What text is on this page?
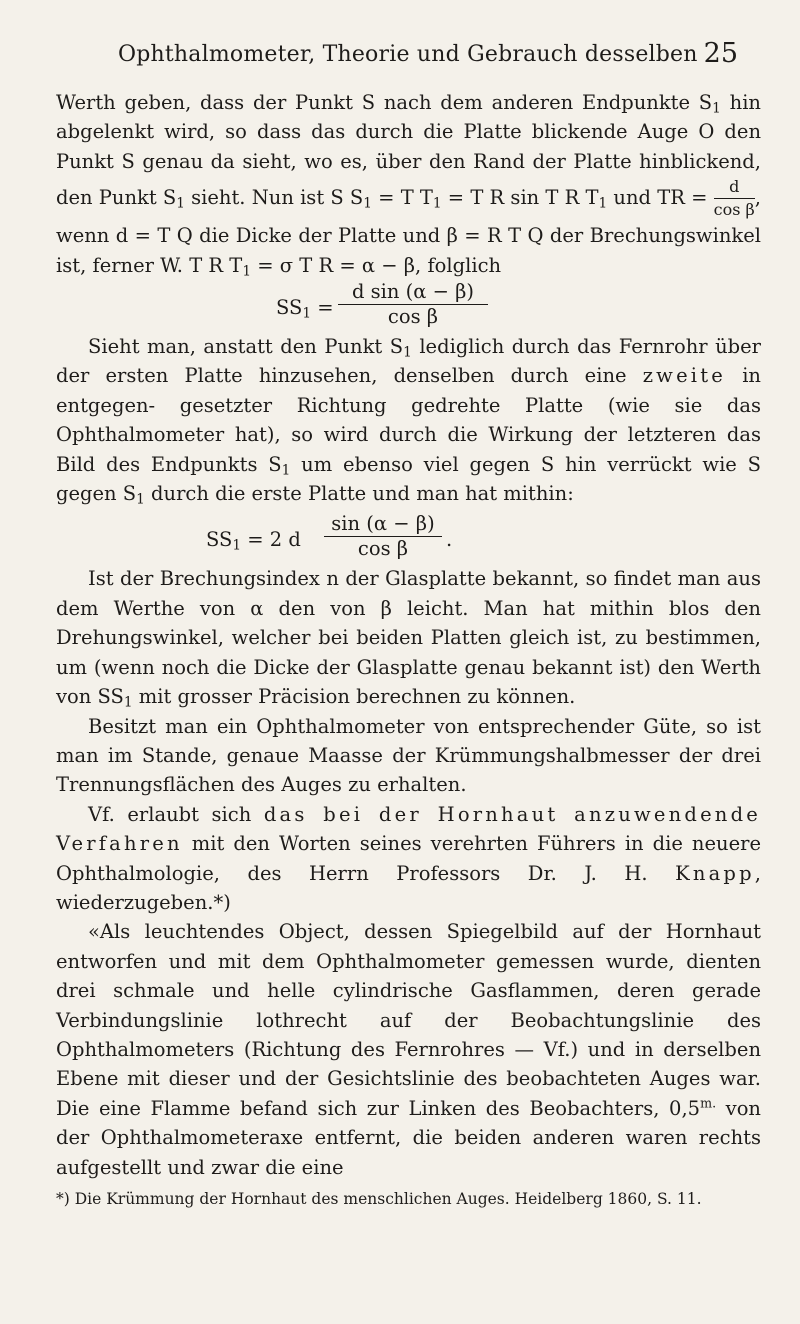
Ophthalmometer, Theorie und Gebrauch desselben 25

Werth geben, dass der Punkt S nach dem anderen Endpunkte $S_1$ hin abgelenkt wird, so dass das durch die Platte blickende Auge O den Punkt S genau da sieht, wo es, über den Rand der Platte hinblickend, den Punkt $S_1$ sieht. Nun ist S $S_1 = T$ $T_1 = T$ R sin T R $T_1$ und TR = $\frac{d}{\text{cos β}}$ , wenn d = T Q die Dicke der Platte und β = R T Q der Brechungswinkel ist, ferner W. T R $T_1 = \sigma$ T R = α − β, folglich

$SS_1 = \frac{\text{d sin (α − β)}}{\text{cos β}}$

Sieht man, anstatt den Punkt $S_1$ lediglich durch das Fernrohr über der ersten Platte hinzusehen, denselben durch eine zweite in entgegen- gesetzter Richtung gedrehte Platte (wie sie das Ophthalmometer hat), so wird durch die Wirkung der letzteren das Bild des Endpunkts $S_1$ um ebenso viel gegen S hin verrückt wie S gegen $S_1$ durch die erste Platte und man hat mithin:

$SS_1 = 2$ d $\frac{\sin (\alpha - \beta)}{\text{cos β}}$ .

Ist der Brechungsindex n der Glasplatte bekannt, so findet man aus dem Werthe von α den von β leicht. Man hat mithin blos den Drehungswinkel, welcher bei beiden Platten gleich ist, zu bestimmen, um (wenn noch die Dicke der Glasplatte genau bekannt ist) den Werth von $SS_1$ mit grosser Präcision berechnen zu können.

Besitzt man ein Ophthalmometer von entsprechender Güte, so ist man im Stande, genaue Maasse der Krümmungshalbmesser der drei Trennungsflächen des Auges zu erhalten.

Vf. erlaubt sich das bei der Hornhaut anzuwendende Verfahren mit den Worten seines verehrten Führers in die neuere Ophthalmologie, des Herrn Professors Dr. J. H. Knapp, wiederzugeben.*)

«Als leuchtendes Object, dessen Spiegelbild auf der Hornhaut entworfen und mit dem Ophthalmometer gemessen wurde, dienten drei schmale und helle cylindrische Gasflammen, deren gerade Verbindungslinie lothrecht auf der Beobachtungslinie des Ophthalmometers (Richtung des Fernrohres — Vf.) und in derselben Ebene mit dieser und der Gesichtslinie des beobachteten Auges war. Die eine Flamme befand sich zur Linken des Beobachters, $0,5^{m.}$ von der Ophthalmometeraxe entfernt, die beiden anderen waren rechts aufgestellt und zwar die eine

*) Die Krümmung der Hornhaut des menschlichen Auges. Heidelberg 1860, S. 11.
